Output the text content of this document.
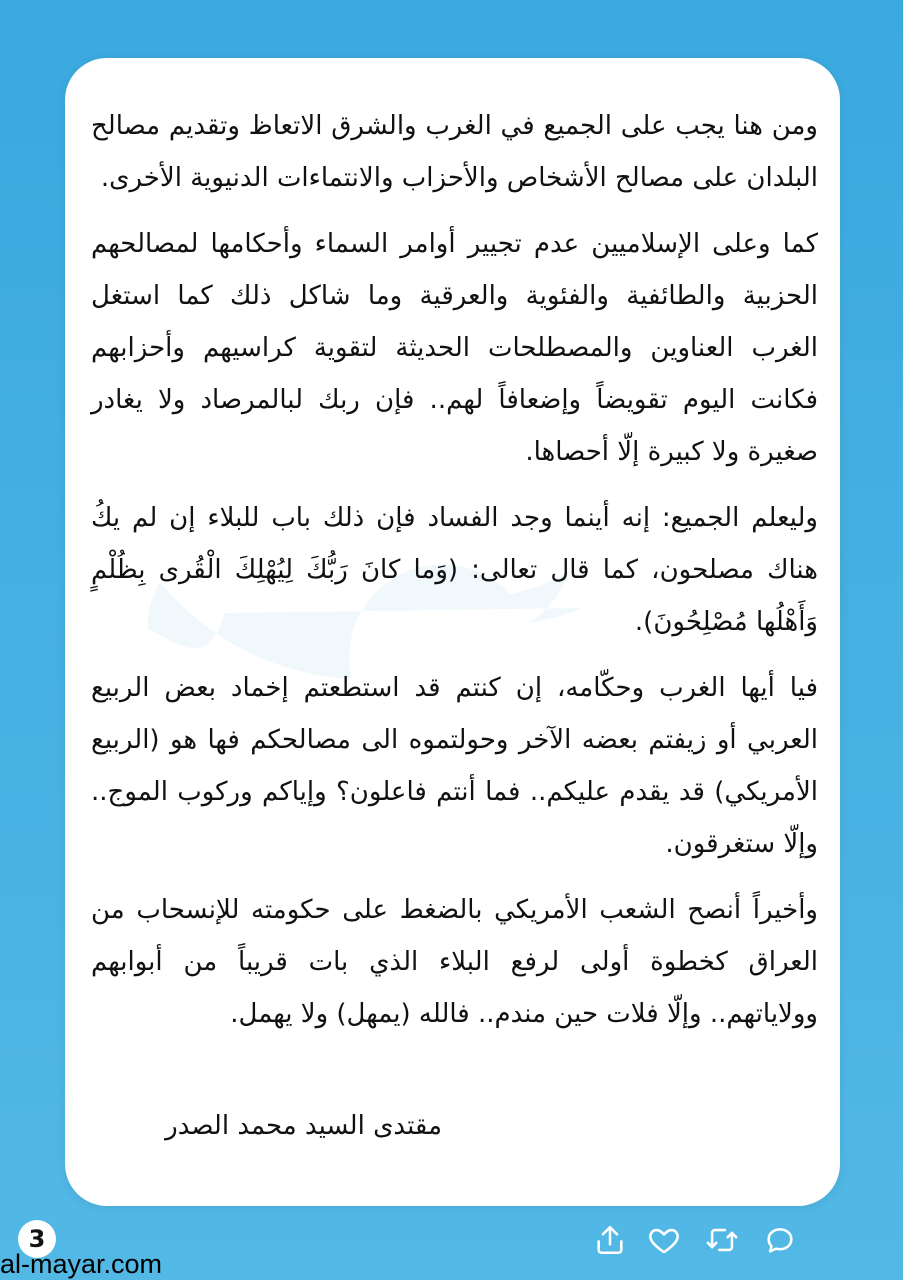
ومن هنا يجب على الجميع في الغرب والشرق الاتعاظ وتقديم مصالح البلدان على مصالح الأشخاص والأحزاب والانتماءات الدنيوية الأخرى.

كما وعلى الإسلاميين عدم تجيير أوامر السماء وأحكامها لمصالحهم الحزبية والطائفية والفئوية والعرقية وما شاكل ذلك كما استغل الغرب العناوين والمصطلحات الحديثة لتقوية كراسيهم وأحزابهم فكانت اليوم تقويضاً وإضعافاً لهم.. فإن ربك لبالمرصاد ولا يغادر صغيرة ولا كبيرة إلّا أحصاها.

وليعلم الجميع: إنه أينما وجد الفساد فإن ذلك باب للبلاء إن لم يكُ هناك مصلحون، كما قال تعالى: (وَما كانَ رَبُّكَ لِيُهْلِكَ الْقُرى بِظُلْمٍ وَأَهْلُها مُصْلِحُونَ).

فيا أيها الغرب وحكّامه، إن كنتم قد استطعتم إخماد بعض الربيع العربي أو زيفتم بعضه الآخر وحولتموه الى مصالحكم فها هو (الربيع الأمريكي) قد يقدم عليكم.. فما أنتم فاعلون؟ وإياكم وركوب الموج.. وإلّا ستغرقون.

وأخيراً أنصح الشعب الأمريكي بالضغط على حكومته للإنسحاب من العراق كخطوة أولى لرفع البلاء الذي بات قريباً من أبوابهم وولاياتهم.. وإلّا فلات حين مندم.. فالله (يمهل) ولا يهمل.

مقتدى السيد محمد الصدر
3
al-mayar.com
